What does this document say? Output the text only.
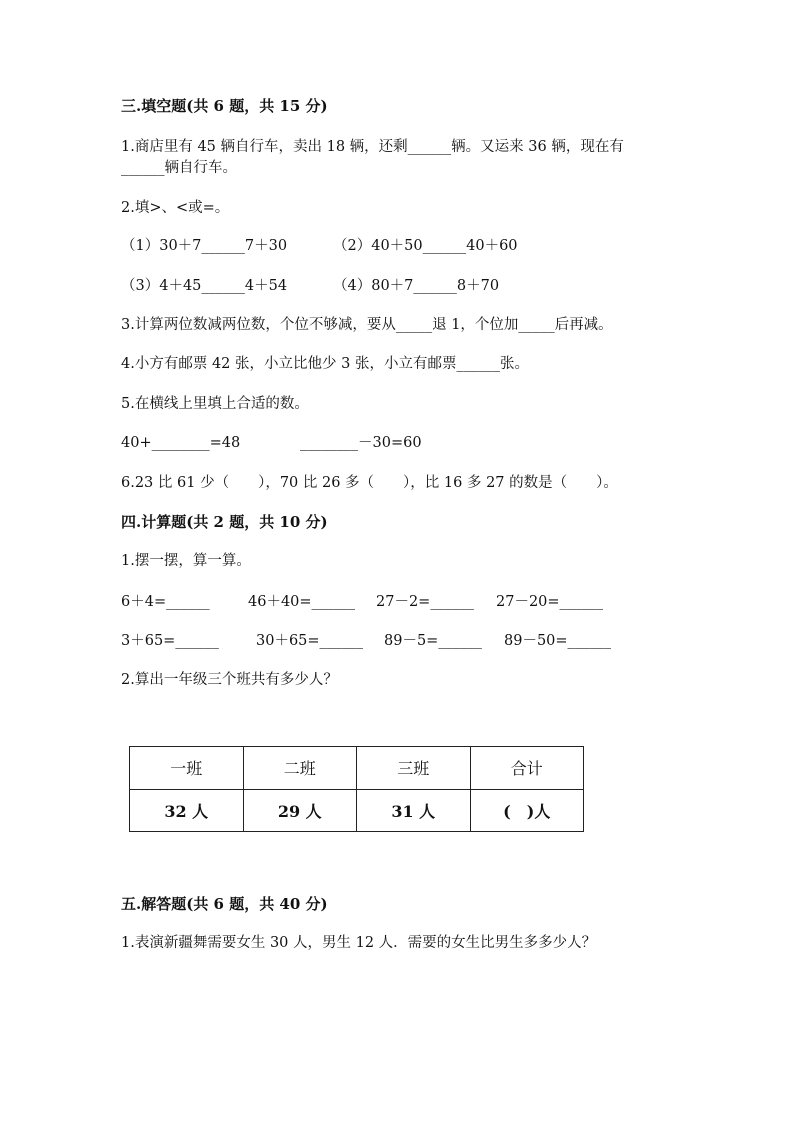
三.填空题(共 6 题，共 15 分)
1.商店里有 45 辆自行车，卖出 18 辆，还剩______辆。又运来 36 辆，现在有
______辆自行车。
2.填>、<或=。
（1）30＋7______7＋30	（2）40＋50______40＋60
（3）4＋45______4＋54	（4）80＋7______8＋70
3.计算两位数减两位数，个位不够减，要从_____退 1，个位加_____后再减。
4.小方有邮票 42 张，小立比他少 3 张，小立有邮票______张。
5.在横线上里填上合适的数。
40+________=48	________－30=60
6.23 比 61 少（　　），70 比 26 多（　　），比 16 多 27 的数是（　　）。
四.计算题(共 2 题，共 10 分)
1.摆一摆，算一算。
6＋4=______	46＋40=______ 27－2=______ 27－20=______
3＋65=______	30＋65=______ 89－5=______ 89－50=______
2.算出一年级三个班共有多少人？
一班	二班	三班	合计
32 人	29 人	31 人	(　)人
五.解答题(共 6 题，共 40 分)
1.表演新疆舞需要女生 30 人，男生 12 人．需要的女生比男生多多少人？
